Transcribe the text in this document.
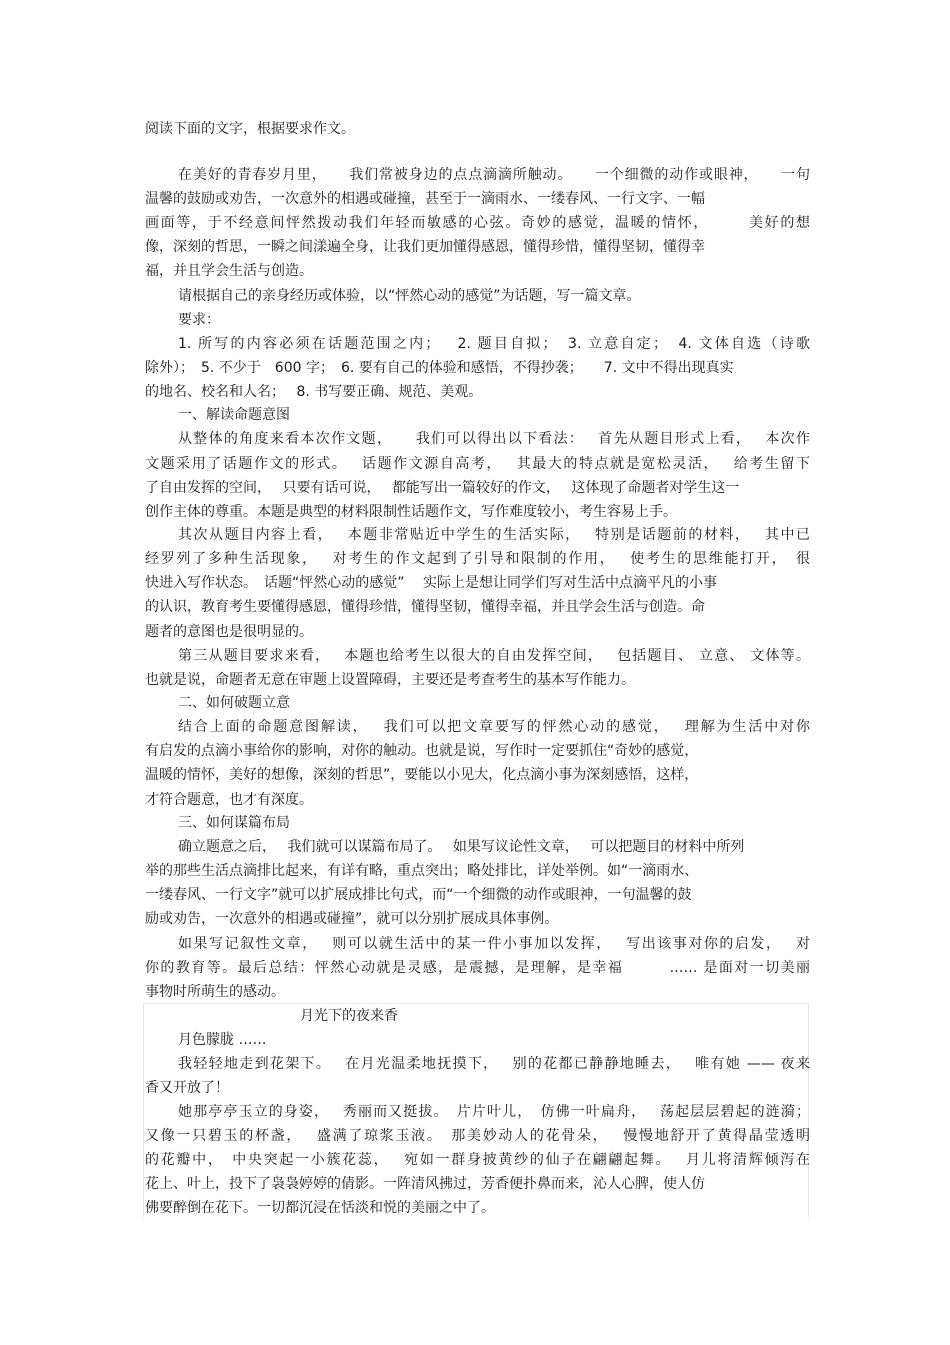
阅读下面的文字，根据要求作文。
在美好的青春岁月里，　　我们常被身边的点点滴滴所触动。　　一个细微的动作或眼神，　　一句
温馨的鼓励或劝告，一次意外的相遇或碰撞，甚至于一滴雨水、一缕春风、一行文字、一幅
画面等，于不经意间怦然拨动我们年轻而敏感的心弦。奇妙的感觉，温暖的情怀，　　　美好的想
像，深刻的哲思，一瞬之间漾遍全身，让我们更加懂得感恩，懂得珍惜，懂得坚韧，懂得幸
福，并且学会生活与创造。
请根据自己的亲身经历或体验，以“怦然心动的感觉”为话题，写一篇文章。
要求：
1. 所写的内容必须在话题范围之内；　 2. 题目自拟；　3. 立意自定；　4. 文体自选（诗歌
除外）；　5. 不少于　600 字；　6. 要有自己的体验和感悟，不得抄袭；　　7. 文中不得出现真实
的地名、校名和人名；　 8. 书写要正确、规范、美观。
一、解读命题意图
从整体的角度来看本次作文题，　　我们可以得出以下看法：　 首先从题目形式上看，　 本次作
文题采用了话题作文的形式。　 话题作文源自高考，　 其最大的特点就是宽松灵活，　 给考生留下
了自由发挥的空间，　 只要有话可说，　 都能写出一篇较好的作文，　 这体现了命题者对学生这一
创作主体的尊重。本题是典型的材料限制性话题作文，写作难度较小，考生容易上手。
其次从题目内容上看，　 本题非常贴近中学生的生活实际，　 特别是话题前的材料，　 其中已
经罗列了多种生活现象，　 对考生的作文起到了引导和限制的作用，　 使考生的思维能打开，　很
快进入写作状态。　话题“怦然心动的感觉”　 实际上是想让同学们写对生活中点滴平凡的小事
的认识，教育考生要懂得感恩，懂得珍惜，懂得坚韧，懂得幸福，并且学会生活与创造。命
题者的意图也是很明显的。
第三从题目要求来看，　 本题也给考生以很大的自由发挥空间，　 包括题目、 立意、 文体等。
也就是说，命题者无意在审题上设置障碍，主要还是考查考生的基本写作能力。
二、如何破题立意
结合上面的命题意图解读，　 我们可以把文章要写的怦然心动的感觉，　 理解为生活中对你
有启发的点滴小事给你的影响，对你的触动。也就是说，写作时一定要抓住“奇妙的感觉，
温暖的情怀，美好的想像，深刻的哲思”，要能以小见大，化点滴小事为深刻感悟，这样，
才符合题意，也才有深度。
三、如何谋篇布局
确立题意之后，　 我们就可以谋篇布局了。　 如果写议论性文章，　 可以把题目的材料中所列
举的那些生活点滴排比起来，有详有略，重点突出；略处排比，详处举例。如“一滴雨水、
一缕春风、一行文字”就可以扩展成排比句式，而“一个细微的动作或眼神，一句温馨的鼓
励或劝告，一次意外的相遇或碰撞”，就可以分别扩展成具体事例。
如果写记叙性文章，　 则可以就生活中的某一件小事加以发挥，　 写出该事对你的启发，　 对
你的教育等。最后总结：怦然心动就是灵感，是震撼，是理解，是幸福　　　…… 是面对一切美丽
事物时所萌生的感动。
月光下的夜来香
月色朦胧 ……
我轻轻地走到花架下。　 在月光温柔地抚摸下，　 别的花都已静静地睡去，　 唯有她 —— 夜来
香又开放了！
她那亭亭玉立的身姿，　 秀丽而又挺拔。　片片叶儿，　仿佛一叶扁舟，　 荡起层层碧起的涟漪；
又像一只碧玉的杯盏，　 盛满了琼浆玉液。　那美妙动人的花骨朵，　 慢慢地舒开了黄得晶莹透明
的花瓣中，　中央突起一小簇花蕊，　 宛如一群身披黄纱的仙子在翩翩起舞。　 月儿将清辉倾泻在
花上、叶上，投下了袅袅婷婷的倩影。一阵清风拂过，芳香便扑鼻而来，沁人心脾，使人仿
佛要醉倒在花下。一切都沉浸在恬淡和悦的美丽之中了。
